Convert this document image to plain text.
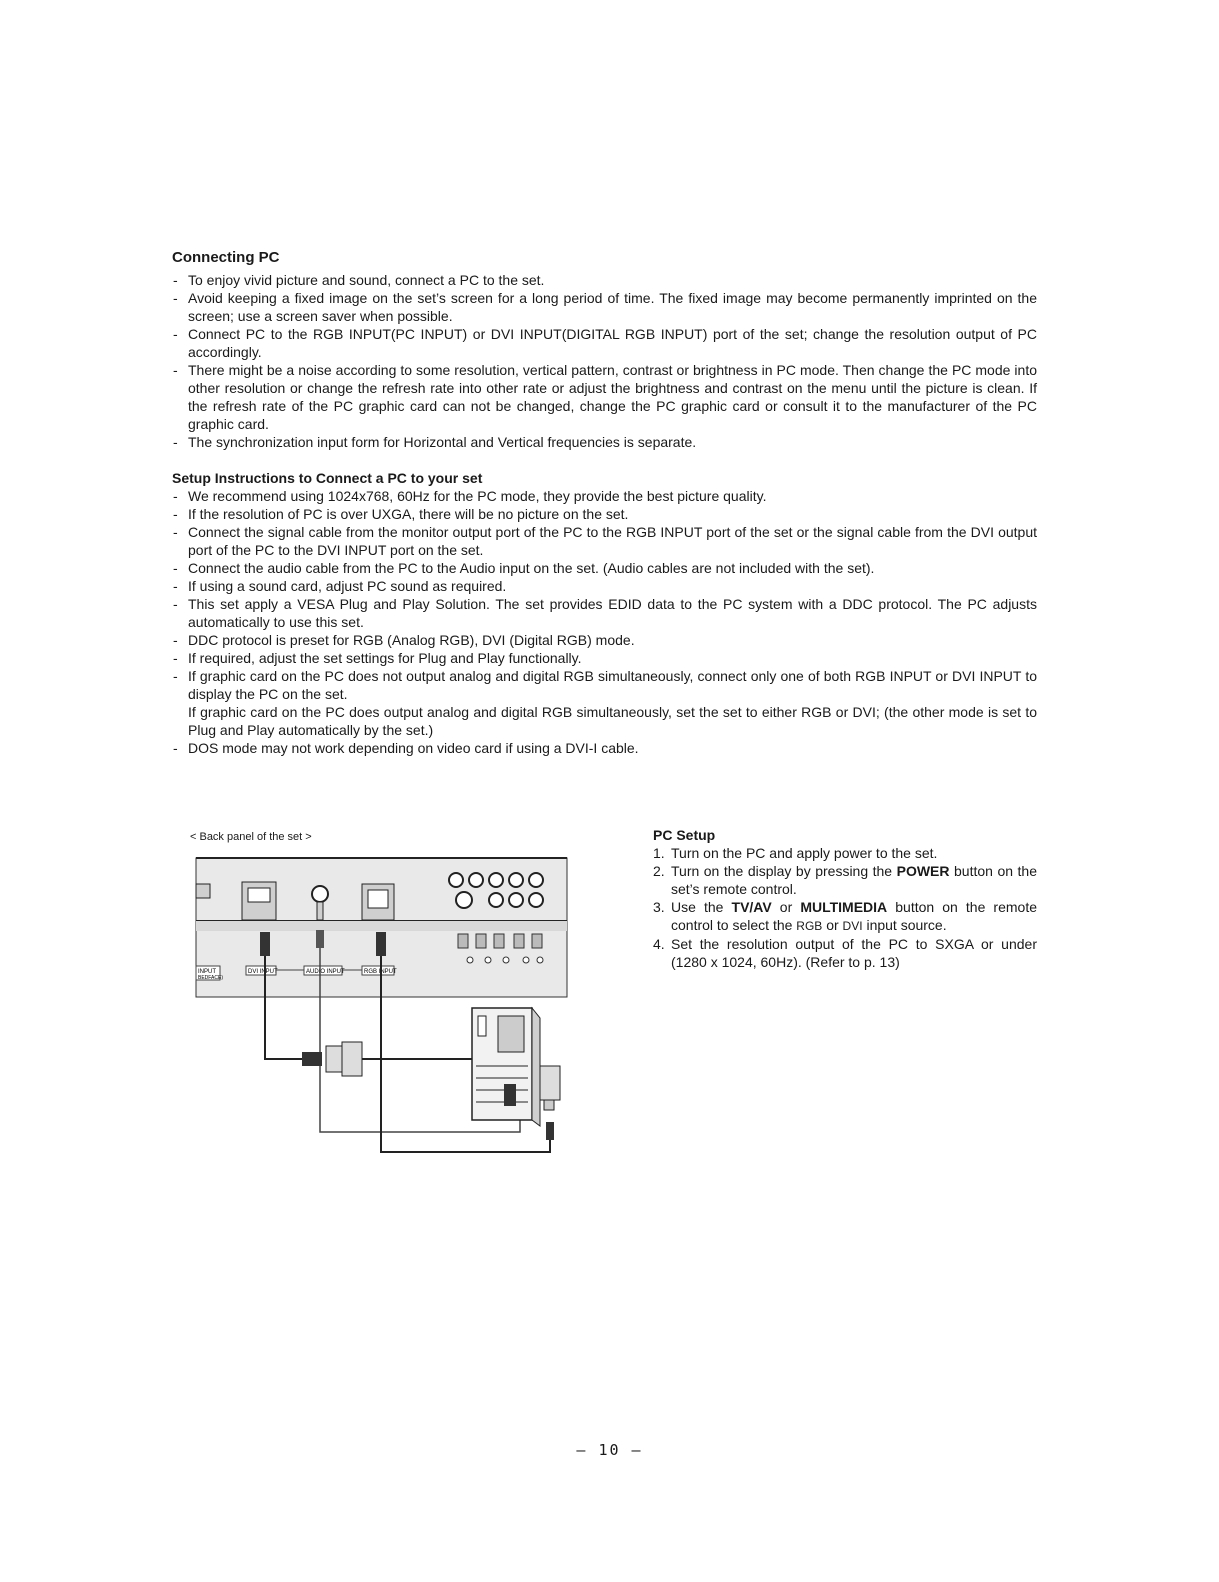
Connecting PC
- To enjoy vivid picture and sound, connect a PC to the set.
- Avoid keeping a fixed image on the set’s screen for a long period of time. The fixed image may become permanently imprinted on the screen; use a screen saver when possible.
- Connect PC to the RGB INPUT(PC INPUT) or DVI INPUT(DIGITAL RGB INPUT) port of the set; change the resolution output of PC accordingly.
- There might be a noise according to some resolution, vertical pattern, contrast or brightness in PC mode. Then change the PC mode into other resolution or change the refresh rate into other rate or adjust the brightness and contrast on the menu until the picture is clean. If the refresh rate of the PC graphic card can not be changed, change the PC graphic card or consult it to the manufacturer of the PC graphic card.
- The synchronization input form for Horizontal and Vertical frequencies is separate.
Setup Instructions to Connect a PC to your set
- We recommend using 1024x768, 60Hz for the PC mode, they provide the best picture quality.
- If the resolution of PC is over UXGA, there will be no picture on the set.
- Connect the signal cable from the monitor output port of the PC to the RGB INPUT port of the set or the signal cable from the DVI output port of the PC to the DVI INPUT port on the set.
- Connect the audio cable from the PC to the Audio input on the set. (Audio cables are not included with the set).
- If using a sound card, adjust PC sound as required.
- This set apply a VESA Plug and Play Solution. The set provides EDID data to the PC system with a DDC protocol. The PC adjusts automatically to use this set.
- DDC protocol is preset for RGB (Analog RGB), DVI (Digital RGB) mode.
- If required, adjust the set settings for Plug and Play functionally.
- If graphic card on the PC does not output analog and digital RGB simultaneously, connect only one of both RGB INPUT or DVI INPUT to display the PC on the set.
If graphic card on the PC does output analog and digital RGB simultaneously, set the set to either RGB or DVI; (the other mode is set to Plug and Play automatically by the set.)
- DOS mode may not work depending on video card if using a DVI-I cable.
< Back panel of the set >
INPUT
BEDFACE)
DVI INPUT	AUDIO INPUT	RGB INPUT
PC Setup
1. Turn on the PC and apply power to the set.
2. Turn on the display by pressing the POWER button on the set’s remote control.
3. Use the TV/AV or MULTIMEDIA button on the remote control to select the RGB or DVI input source.
4. Set the resolution output of the PC to SXGA or under (1280 x 1024, 60Hz). (Refer to p. 13)
– 10 –
